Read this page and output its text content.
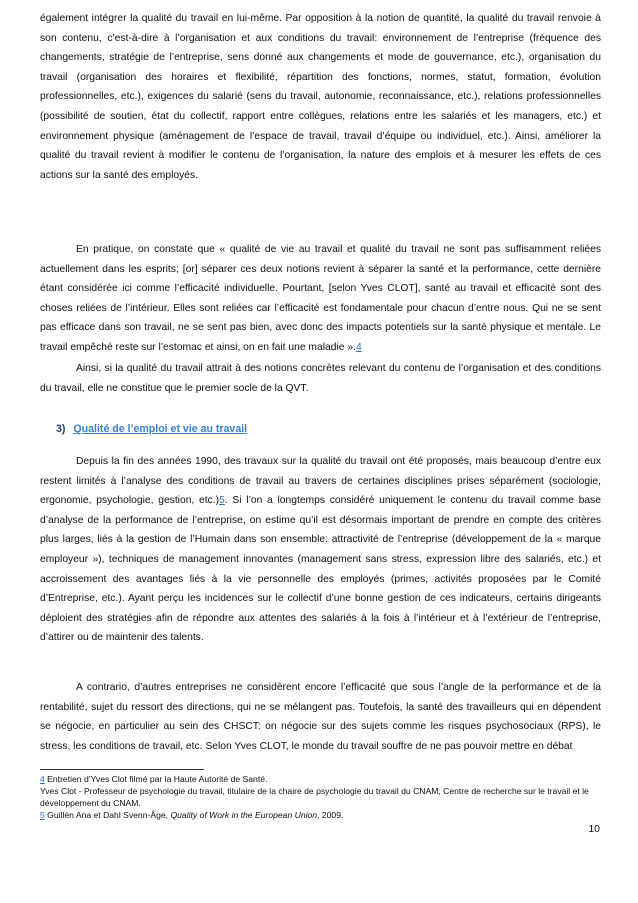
également intégrer la qualité du travail en lui-même. Par opposition à la notion de quantité, la qualité du travail renvoie à son contenu, c’est-à-dire à l’organisation et aux conditions du travail: environnement de l’entreprise (fréquence des changements, stratégie de l’entreprise, sens donné aux changements et mode de gouvernance, etc.), organisation du travail (organisation des horaires et flexibilité, répartition des fonctions, normes, statut, formation, évolution professionnelles, etc.), exigences du salarié (sens du travail, autonomie, reconnaissance, etc.), relations professionnelles (possibilité de soutien, état du collectif, rapport entre collègues, relations entre les salariés et les managers, etc.) et environnement physique (aménagement de l’espace de travail, travail d’équipe ou individuel, etc.). Ainsi, améliorer la qualité du travail revient à modifier le contenu de l’organisation, la nature des emplois et à mesurer les effets de ces actions sur la santé des employés.

En pratique, on constate que « qualité de vie au travail et qualité du travail ne sont pas suffisamment reliées actuellement dans les esprits; [or] séparer ces deux notions revient à séparer la santé et la performance, cette dernière étant considérée ici comme l’efficacité individuelle. Pourtant, [selon Yves CLOT], santé au travail et efficacité sont des choses reliées de l’intérieur. Elles sont reliées car l’efficacité est fondamentale pour chacun d’entre nous. Qui ne se sent pas efficace dans son travail, ne se sent pas bien, avec donc des impacts potentiels sur la santé physique et mentale. Le travail empêché reste sur l’estomac et ainsi, on en fait une maladie ».4

Ainsi, si la qualité du travail attrait à des notions concrètes relevant du contenu de l’organisation et des conditions du travail, elle ne constitue que le premier socle de la QVT.

3) Qualité de l’emploi et vie au travail

Depuis la fin des années 1990, des travaux sur la qualité du travail ont été proposés, mais beaucoup d’entre eux restent limités à l’analyse des conditions de travail au travers de certaines disciplines prises séparément (sociologie, ergonomie, psychologie, gestion, etc.)5. Si l’on a longtemps considéré uniquement le contenu du travail comme base d’analyse de la performance de l’entreprise, on estime qu’il est désormais important de prendre en compte des critères plus larges, liés à la gestion de l’Humain dans son ensemble: attractivité de l’entreprise (développement de la « marque employeur »), techniques de management innovantes (management sans stress, expression libre des salariés, etc.) et accroissement des avantages liés à la vie personnelle des employés (primes, activités proposées par le Comité d’Entreprise, etc.). Ayant perçu les incidences sur le collectif d’une bonne gestion de ces indicateurs, certains dirigeants déploient des stratégies afin de répondre aux attentes des salariés à la fois à l’intérieur et à l’extérieur de l’entreprise, d’attirer ou de maintenir des talents.

A contrario, d’autres entreprises ne considèrent encore l’efficacité que sous l’angle de la performance et de la rentabilité, sujet du ressort des directions, qui ne se mélangent pas. Toutefois, la santé des travailleurs qui en dépendent se négocie, en particulier au sein des CHSCT: on négocie sur des sujets comme les risques psychosociaux (RPS), le stress, les conditions de travail, etc. Selon Yves CLOT, le monde du travail souffre de ne pas pouvoir mettre en débat

4 Entretien d’Yves Clot filmé par la Haute Autorité de Santé.

Yves Clot - Professeur de psychologie du travail, titulaire de la chaire de psychologie du travail du CNAM, Centre de recherche sur le travail et le développement du CNAM.

5 Guillén Ana et Dahl Svenn-Åge, Quality of Work in the European Union, 2009.

10
